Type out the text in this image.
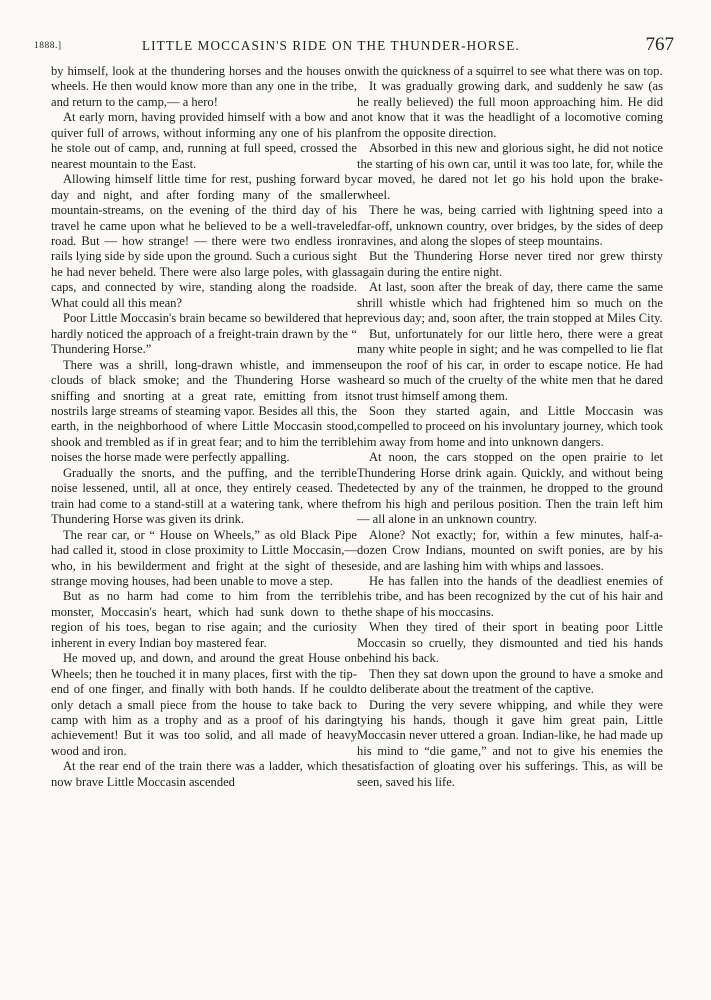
1888.]	LITTLE MOCCASIN'S RIDE ON THE THUNDER-HORSE.	767

by himself, look at the thundering horses and the houses on wheels. He then would know more than any one in the tribe, and return to the camp,— a hero!

At early morn, having provided himself with a bow and a quiver full of arrows, without informing any one of his plan he stole out of camp, and, running at full speed, crossed the nearest mountain to the East.

Allowing himself little time for rest, pushing forward by day and night, and after fording many of the smaller mountain-streams, on the evening of the third day of his travel he came upon what he believed to be a well-traveled road. But — how strange! — there were two endless iron rails lying side by side upon the ground. Such a curious sight he had never beheld. There were also large poles, with glass caps, and connected by wire, standing along the roadside. What could all this mean?

Poor Little Moccasin's brain became so bewildered that he hardly noticed the approach of a freight-train drawn by the “ Thundering Horse.”

There was a shrill, long-drawn whistle, and immense clouds of black smoke; and the Thundering Horse was sniffing and snorting at a great rate, emitting from its nostrils large streams of steaming vapor. Besides all this, the earth, in the neighborhood of where Little Moccasin stood, shook and trembled as if in great fear; and to him the terrible noises the horse made were perfectly appalling.

Gradually the snorts, and the puffing, and the terrible noise lessened, until, all at once, they entirely ceased. The train had come to a stand-still at a watering tank, where the Thundering Horse was given its drink.

The rear car, or “ House on Wheels,” as old Black Pipe had called it, stood in close proximity to Little Moccasin,— who, in his bewilderment and fright at the sight of these strange moving houses, had been unable to move a step.

But as no harm had come to him from the terrible monster, Moccasin's heart, which had sunk down to the region of his toes, began to rise again; and the curiosity inherent in every Indian boy mastered fear.

He moved up, and down, and around the great House on Wheels; then he touched it in many places, first with the tip-end of one finger, and finally with both hands. If he could only detach a small piece from the house to take back to camp with him as a trophy and as a proof of his daring achievement! But it was too solid, and all made of heavy wood and iron.

At the rear end of the train there was a ladder, which the now brave Little Moccasin ascended

with the quickness of a squirrel to see what there was on top.

It was gradually growing dark, and suddenly he saw (as he really believed) the full moon approaching him. He did not know that it was the headlight of a locomotive coming from the opposite direction.

Absorbed in this new and glorious sight, he did not notice the starting of his own car, until it was too late, for, while the car moved, he dared not let go his hold upon the brake-wheel.

There he was, being carried with lightning speed into a far-off, unknown country, over bridges, by the sides of deep ravines, and along the slopes of steep mountains.

But the Thundering Horse never tired nor grew thirsty again during the entire night.

At last, soon after the break of day, there came the same shrill whistle which had frightened him so much on the previous day; and, soon after, the train stopped at Miles City.

But, unfortunately for our little hero, there were a great many white people in sight; and he was compelled to lie flat upon the roof of his car, in order to escape notice. He had heard so much of the cruelty of the white men that he dared not trust himself among them.

Soon they started again, and Little Moccasin was compelled to proceed on his involuntary journey, which took him away from home and into unknown dangers.

At noon, the cars stopped on the open prairie to let Thundering Horse drink again. Quickly, and without being detected by any of the trainmen, he dropped to the ground from his high and perilous position. Then the train left him — all alone in an unknown country.

Alone? Not exactly; for, within a few minutes, half-a-dozen Crow Indians, mounted on swift ponies, are by his side, and are lashing him with whips and lassoes.

He has fallen into the hands of the deadliest enemies of his tribe, and has been recognized by the cut of his hair and the shape of his moccasins.

When they tired of their sport in beating poor Little Moccasin so cruelly, they dismounted and tied his hands behind his back.

Then they sat down upon the ground to have a smoke and to deliberate about the treatment of the captive.

During the very severe whipping, and while they were tying his hands, though it gave him great pain, Little Moccasin never uttered a groan. Indian-like, he had made up his mind to “die game,” and not to give his enemies the satisfaction of gloating over his sufferings. This, as will be seen, saved his life.
